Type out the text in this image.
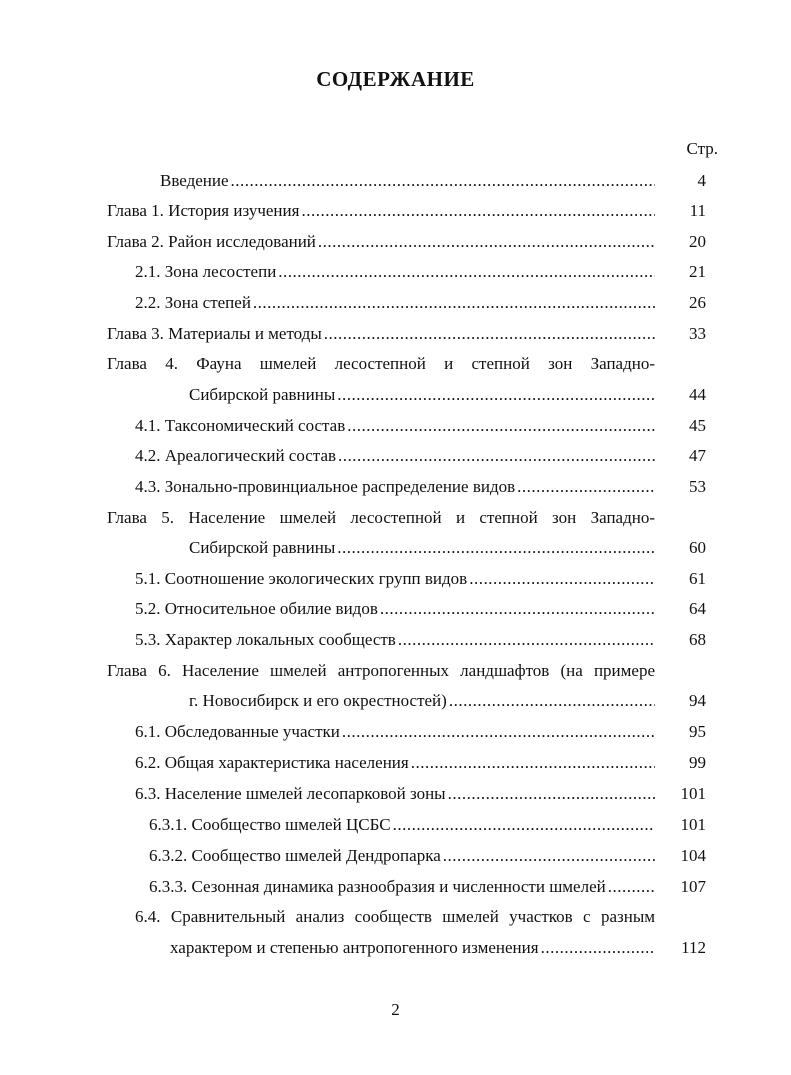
СОДЕРЖАНИЕ
Стр.
Введение .....	4
Глава 1. История изучения .....	11
Глава 2. Район исследований .....	20
2.1. Зона лесостепи .....	21
2.2. Зона степей .....	26
Глава 3. Материалы и методы .....	33
Глава 4. Фауна шмелей лесостепной и степной зон Западно-
Сибирской равнины .....	44
4.1. Таксономический состав .....	45
4.2. Ареалогический состав .....	47
4.3. Зонально-провинциальное распределение видов .....	53
Глава 5. Население шмелей лесостепной и степной зон Западно-
Сибирской равнины .....	60
5.1. Соотношение экологических групп видов .....	61
5.2. Относительное обилие видов .....	64
5.3. Характер локальных сообществ .....	68
Глава 6. Население шмелей антропогенных ландшафтов (на примере
г. Новосибирск и его окрестностей) .....	94
6.1. Обследованные участки .....	95
6.2. Общая характеристика населения .....	99
6.3. Население шмелей лесопарковой зоны .....	101
6.3.1. Сообщество шмелей ЦСБС .....	101
6.3.2. Сообщество шмелей Дендропарка .....	104
6.3.3. Сезонная динамика разнообразия и численности шмелей .....	107
6.4. Сравнительный анализ сообществ шмелей участков с разным
характером и степенью антропогенного изменения .....	112
2
